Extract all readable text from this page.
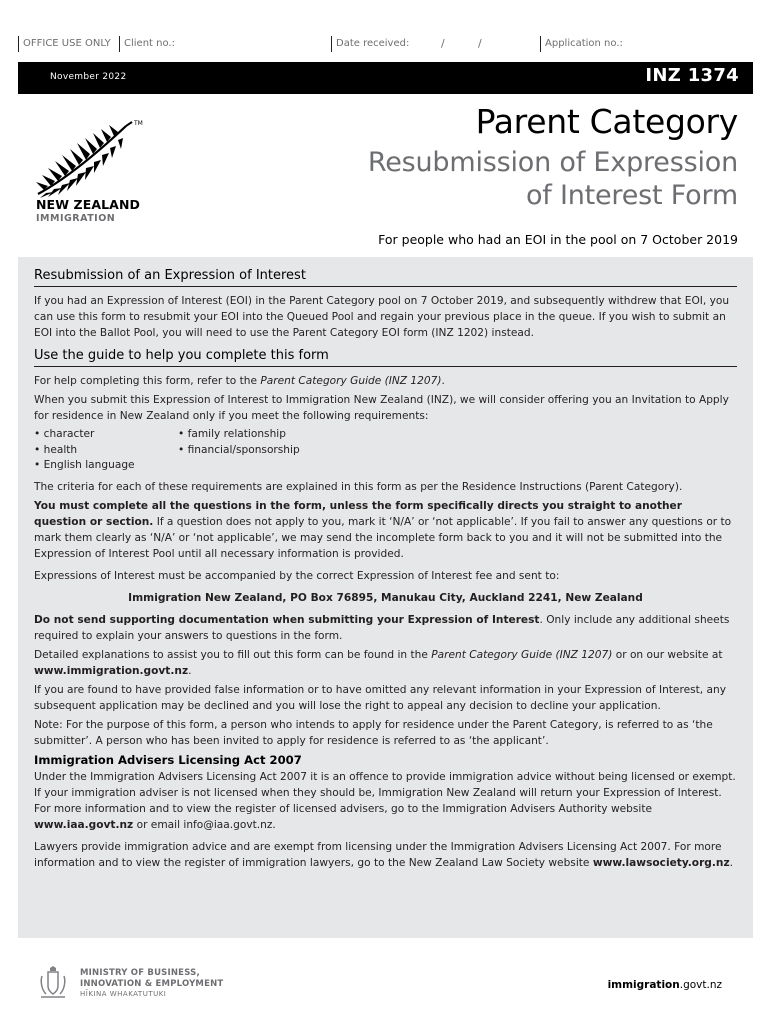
OFFICE USE ONLY	Client no.:	Date received:	/	/	Application no.:
November 2022	INZ 1374
TM
NEW ZEALAND
IMMIGRATION
Parent Category
Resubmission of Expression
of Interest Form
For people who had an EOI in the pool on 7 October 2019
Resubmission of an Expression of Interest

If you had an Expression of Interest (EOI) in the Parent Category pool on 7 October 2019, and subsequently withdrew that EOI, you can use this form to resubmit your EOI into the Queued Pool and regain your previous place in the queue. If you wish to submit an EOI into the Ballot Pool, you will need to use the Parent Category EOI form (INZ 1202) instead.

Use the guide to help you complete this form

For help completing this form, refer to the Parent Category Guide (INZ 1207).

When you submit this Expression of Interest to Immigration New Zealand (INZ), we will consider offering you an Invitation to Apply for residence in New Zealand only if you meet the following requirements:

• character
• health
• English language
• family relationship
• financial/sponsorship

The criteria for each of these requirements are explained in this form as per the Residence Instructions (Parent Category).

You must complete all the questions in the form, unless the form specifically directs you straight to another question or section. If a question does not apply to you, mark it ‘N/A’ or ‘not applicable’. If you fail to answer any questions or to mark them clearly as ‘N/A’ or ‘not applicable’, we may send the incomplete form back to you and it will not be submitted into the Expression of Interest Pool until all necessary information is provided.

Expressions of Interest must be accompanied by the correct Expression of Interest fee and sent to:

Immigration New Zealand, PO Box 76895, Manukau City, Auckland 2241, New Zealand

Do not send supporting documentation when submitting your Expression of Interest. Only include any additional sheets required to explain your answers to questions in the form.

Detailed explanations to assist you to fill out this form can be found in the Parent Category Guide (INZ 1207) or on our website at www.immigration.govt.nz.

If you are found to have provided false information or to have omitted any relevant information in your Expression of Interest, any subsequent application may be declined and you will lose the right to appeal any decision to decline your application.

Note: For the purpose of this form, a person who intends to apply for residence under the Parent Category, is referred to as ‘the submitter’. A person who has been invited to apply for residence is referred to as ‘the applicant’.

Immigration Advisers Licensing Act 2007

Under the Immigration Advisers Licensing Act 2007 it is an offence to provide immigration advice without being licensed or exempt. If your immigration adviser is not licensed when they should be, Immigration New Zealand will return your Expression of Interest. For more information and to view the register of licensed advisers, go to the Immigration Advisers Authority website www.iaa.govt.nz or email info@iaa.govt.nz.

Lawyers provide immigration advice and are exempt from licensing under the Immigration Advisers Licensing Act 2007. For more information and to view the register of immigration lawyers, go to the New Zealand Law Society website www.lawsociety.org.nz.

MINISTRY OF BUSINESS,
INNOVATION & EMPLOYMENT
HĪKINA WHAKATUTUKI
immigration.govt.nz
